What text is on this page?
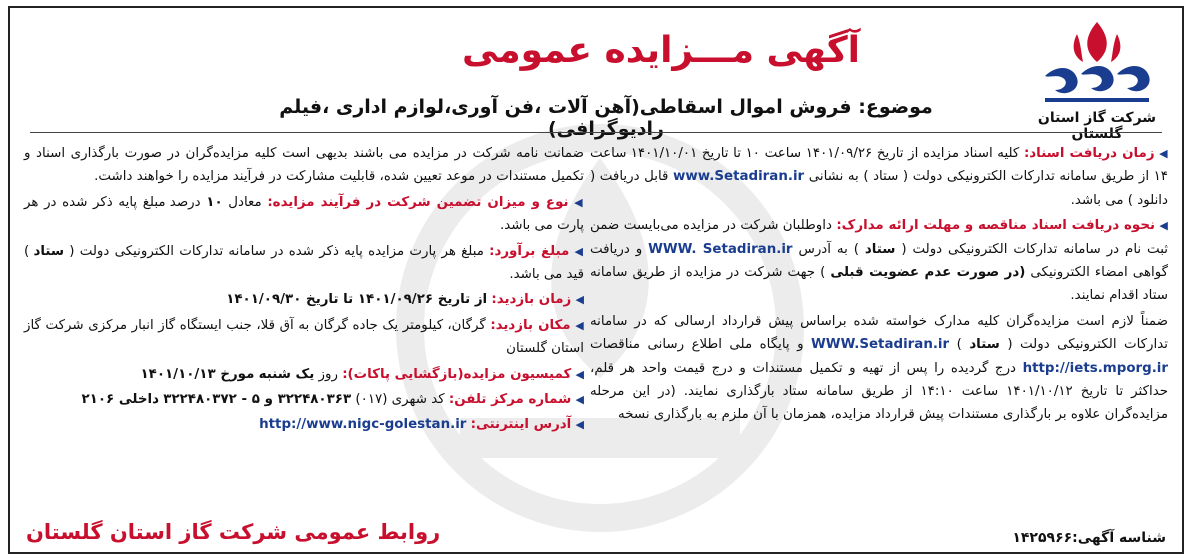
شرکت گاز استان گلستان
آگهی مـــزایده عمومی
موضوع: فروش اموال اسقاطی(آهن آلات ،فن آوری،لوازم اداری ،فیلم رادیوگرافی)

◀ زمان دریافت اسناد: کلیه اسناد مزایده از تاریخ ۱۴۰۱/۰۹/۲۶ ساعت ۱۰ تا تاریخ ۱۴۰۱/۱۰/۰۱ ساعت ۱۴ از طریق سامانه تدارکات الکترونیکی دولت ( ستاد ) به نشانی www.Setadiran.ir قابل دریافت ( دانلود ) می باشد.

◀ نحوه دریافت اسناد مناقصه و مهلت ارائه مدارک: داوطلبان شرکت در مزایده می‌بایست ضمن ثبت نام در سامانه تدارکات الکترونیکی دولت ( ستاد ) به آدرس WWW. Setadiran.ir و دریافت گواهی امضاء الکترونیکی (در صورت عدم عضویت قبلی ) جهت شرکت در مزایده از طریق سامانه ستاد اقدام نمایند.

ضمناً لازم است مزایده‌گران کلیه مدارک خواسته شده براساس پیش قرارداد ارسالی که در سامانه تدارکات الکترونیکی دولت ( ستاد ) WWW.Setadiran.ir و پایگاه ملی اطلاع رسانی مناقصات http://iets.mporg.ir درج گردیده را پس از تهیه و تکمیل مستندات و درج قیمت واحد هر قلم، حداکثر تا تاریخ ۱۴۰۱/۱۰/۱۲ ساعت ۱۴:۱۰ از طریق سامانه ستاد بارگذاری نمایند. (در این مرحله مزایده‌گران علاوه بر بارگذاری مستندات پیش قرارداد مزایده، همزمان با آن ملزم به بارگذاری نسخه

ضمانت نامه شرکت در مزایده می باشند بدیهی است کلیه مزایده‌گران در صورت بارگذاری اسناد و تکمیل مستندات در موعد تعیین شده، قابلیت مشارکت در فرآیند مزایده را خواهند داشت.

◀ نوع و میزان تضمین شرکت در فرآیند مزایده: معادل ۱۰ درصد مبلغ پایه ذکر شده در هر پارت می باشد.

◀ مبلغ برآورد: مبلغ هر پارت مزایده پایه ذکر شده در سامانه تدارکات الکترونیکی دولت ( ستاد ) قید می باشد.

◀ زمان بازدید: از تاریخ ۱۴۰۱/۰۹/۲۶ تا تاریخ ۱۴۰۱/۰۹/۳۰

◀ مکان بازدید: گرگان، کیلومتر یک جاده گرگان به آق قلا، جنب ایستگاه گاز انبار مرکزی شرکت گاز استان گلستان

◀ کمیسیون مزایده(بازگشایی پاکات): روز یک شنبه مورخ ۱۴۰۱/۱۰/۱۳

◀ شماره مرکز تلفن: کد شهری (۰۱۷) ۳۲۲۴۸۰۳۶۳ و ۵ - ۳۲۲۴۸۰۳۷۲ داخلی ۲۱۰۶

◀ آدرس اینترنتی: http://www.nigc-golestan.ir

روابط عمومی شرکت گاز استان گلستان	شناسه آگهی:۱۴۲۵۹۶۶
